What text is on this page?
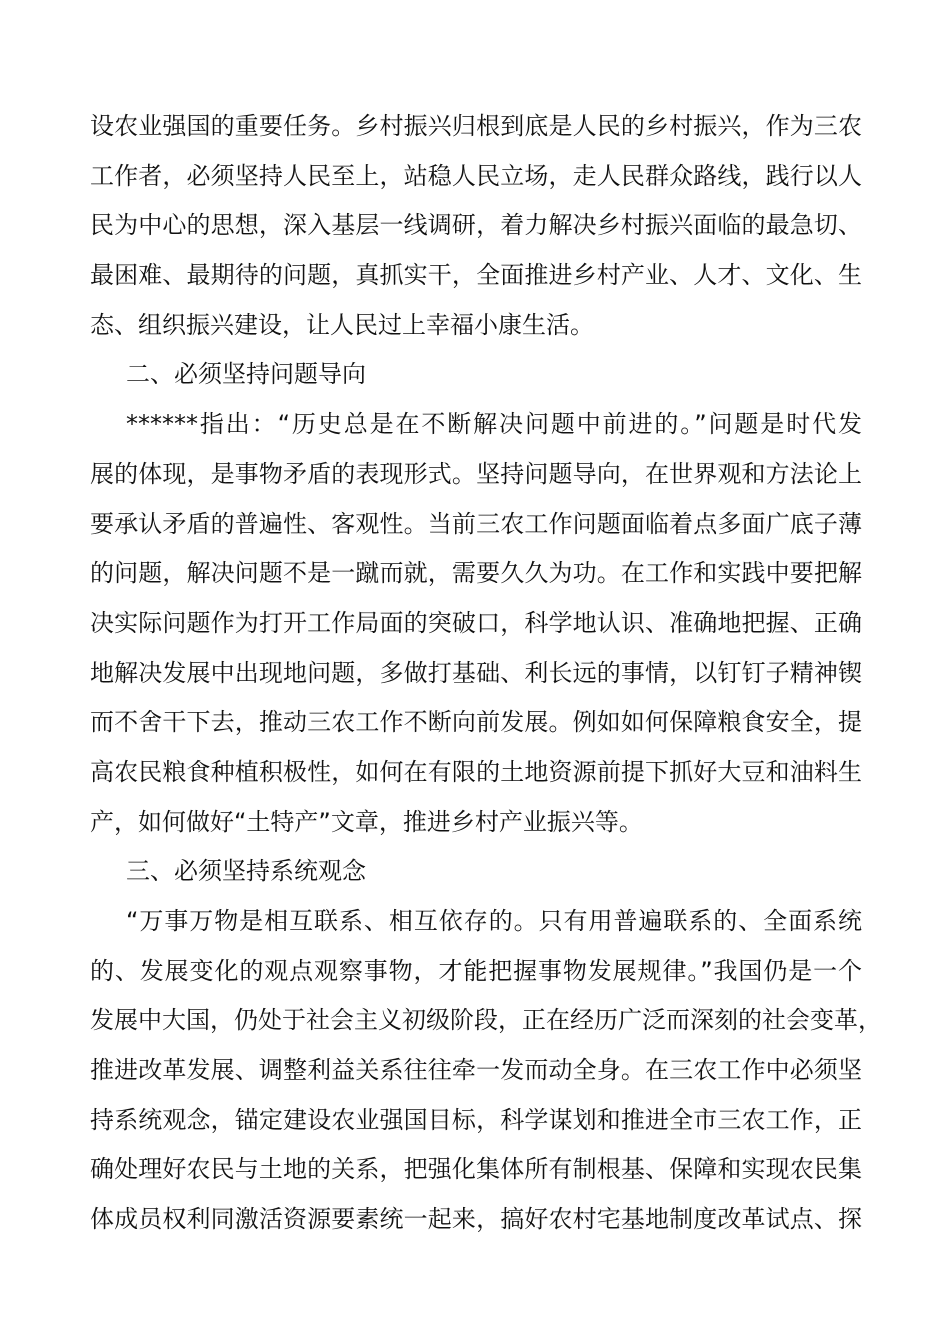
设农业强国的重要任务。乡村振兴归根到底是人民的乡村振兴，作为三农
工作者，必须坚持人民至上，站稳人民立场，走人民群众路线，践行以人
民为中心的思想，深入基层一线调研，着力解决乡村振兴面临的最急切、
最困难、最期待的问题，真抓实干，全面推进乡村产业、人才、文化、生
态、组织振兴建设，让人民过上幸福小康生活。
二、必须坚持问题导向
******指出：“历史总是在不断解决问题中前进的。”问题是时代发
展的体现，是事物矛盾的表现形式。坚持问题导向，在世界观和方法论上
要承认矛盾的普遍性、客观性。当前三农工作问题面临着点多面广底子薄
的问题，解决问题不是一蹴而就，需要久久为功。在工作和实践中要把解
决实际问题作为打开工作局面的突破口，科学地认识、准确地把握、正确
地解决发展中出现地问题，多做打基础、利长远的事情，以钉钉子精神锲
而不舍干下去，推动三农工作不断向前发展。例如如何保障粮食安全，提
高农民粮食种植积极性，如何在有限的土地资源前提下抓好大豆和油料生
产，如何做好“土特产”文章，推进乡村产业振兴等。
三、必须坚持系统观念
“万事万物是相互联系、相互依存的。只有用普遍联系的、全面系统
的、发展变化的观点观察事物，才能把握事物发展规律。”我国仍是一个
发展中大国，仍处于社会主义初级阶段，正在经历广泛而深刻的社会变革，
推进改革发展、调整利益关系往往牵一发而动全身。在三农工作中必须坚
持系统观念，锚定建设农业强国目标，科学谋划和推进全市三农工作，正
确处理好农民与土地的关系，把强化集体所有制根基、保障和实现农民集
体成员权利同激活资源要素统一起来，搞好农村宅基地制度改革试点、探
